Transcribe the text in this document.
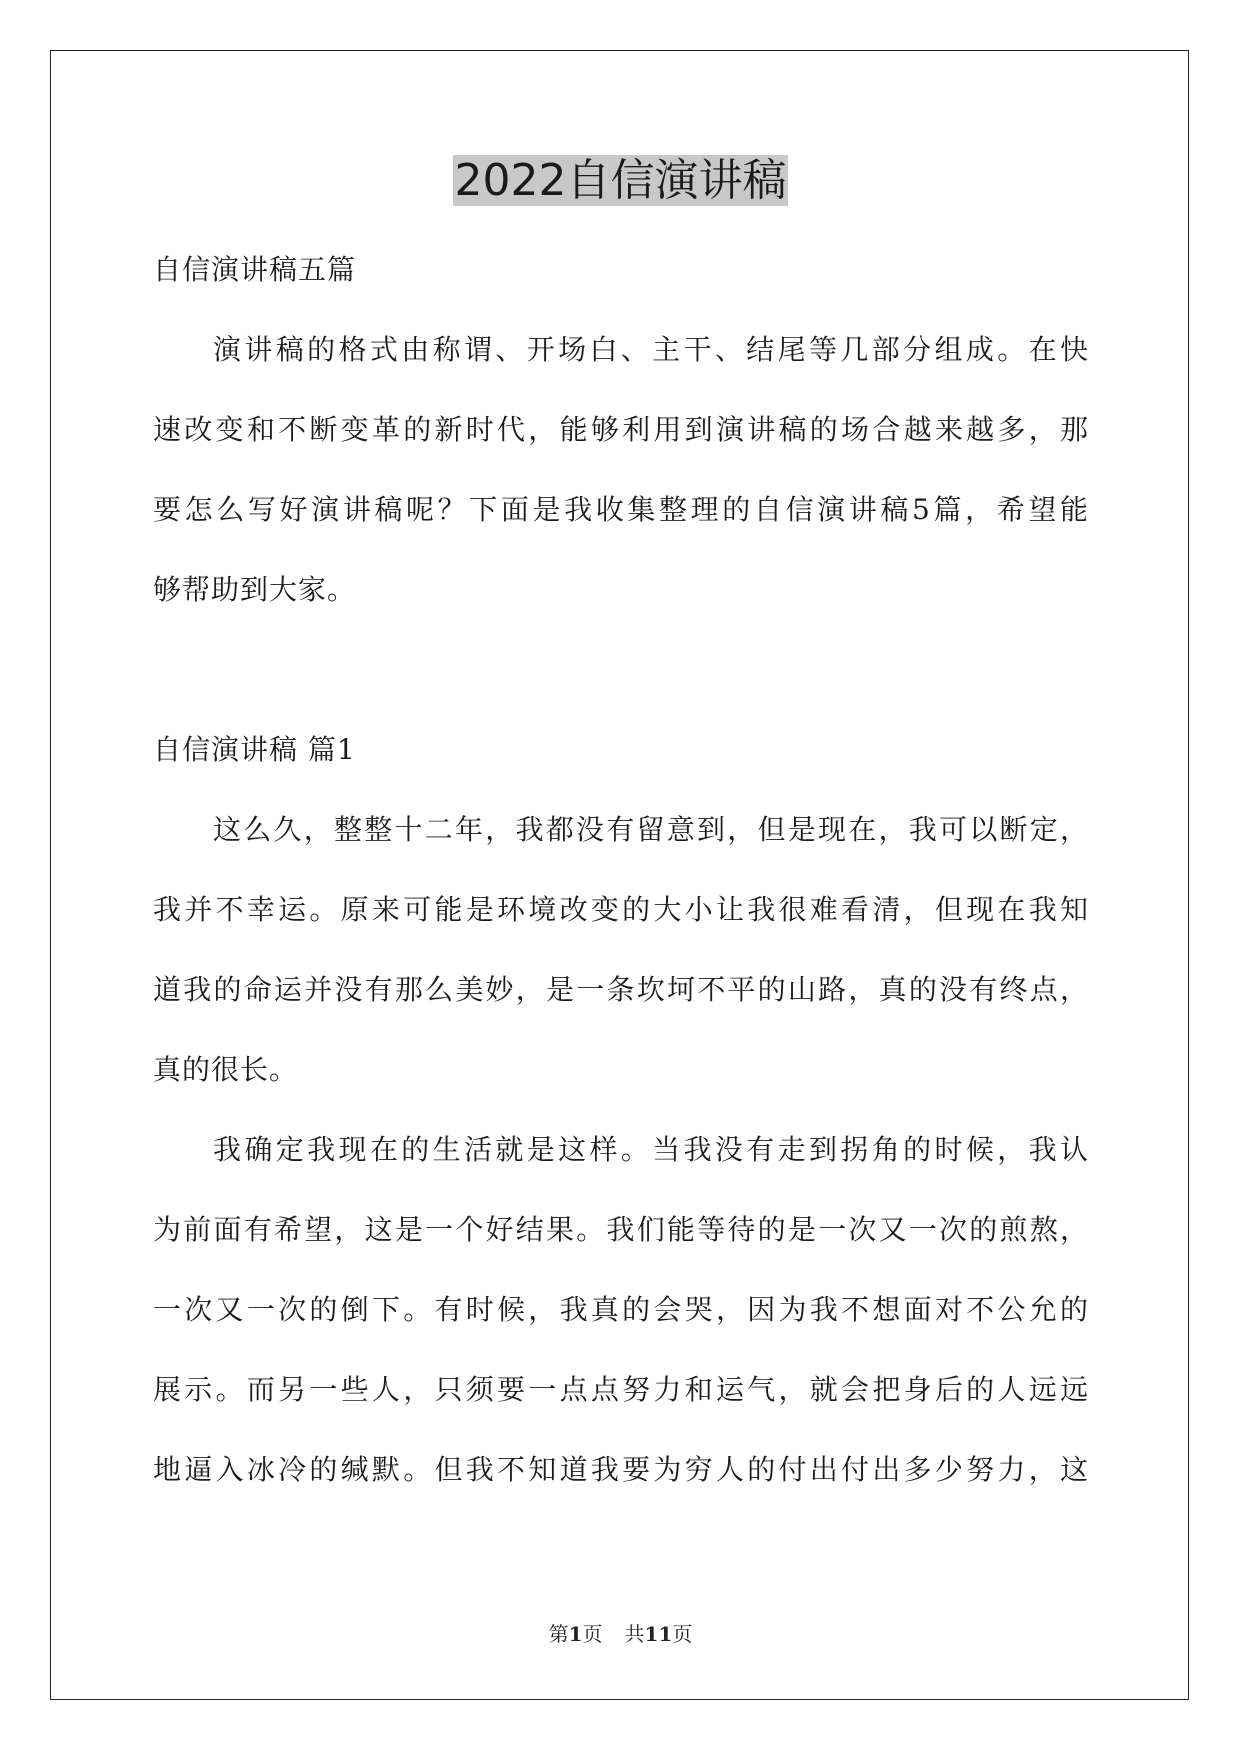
2022自信演讲稿
自信演讲稿五篇
演讲稿的格式由称谓、开场白、主干、结尾等几部分组成。在快
速改变和不断变革的新时代，能够利用到演讲稿的场合越来越多，那
要怎么写好演讲稿呢？下面是我收集整理的自信演讲稿5篇，希望能
够帮助到大家。
自信演讲稿 篇1
这么久，整整十二年，我都没有留意到，但是现在，我可以断定，
我并不幸运。原来可能是环境改变的大小让我很难看清，但现在我知
道我的命运并没有那么美妙，是一条坎坷不平的山路，真的没有终点，
真的很长。
我确定我现在的生活就是这样。当我没有走到拐角的时候，我认
为前面有希望，这是一个好结果。我们能等待的是一次又一次的煎熬，
一次又一次的倒下。有时候，我真的会哭，因为我不想面对不公允的
展示。而另一些人，只须要一点点努力和运气，就会把身后的人远远
地逼入冰冷的缄默。但我不知道我要为穷人的付出付出多少努力，这
第1页 共11页
